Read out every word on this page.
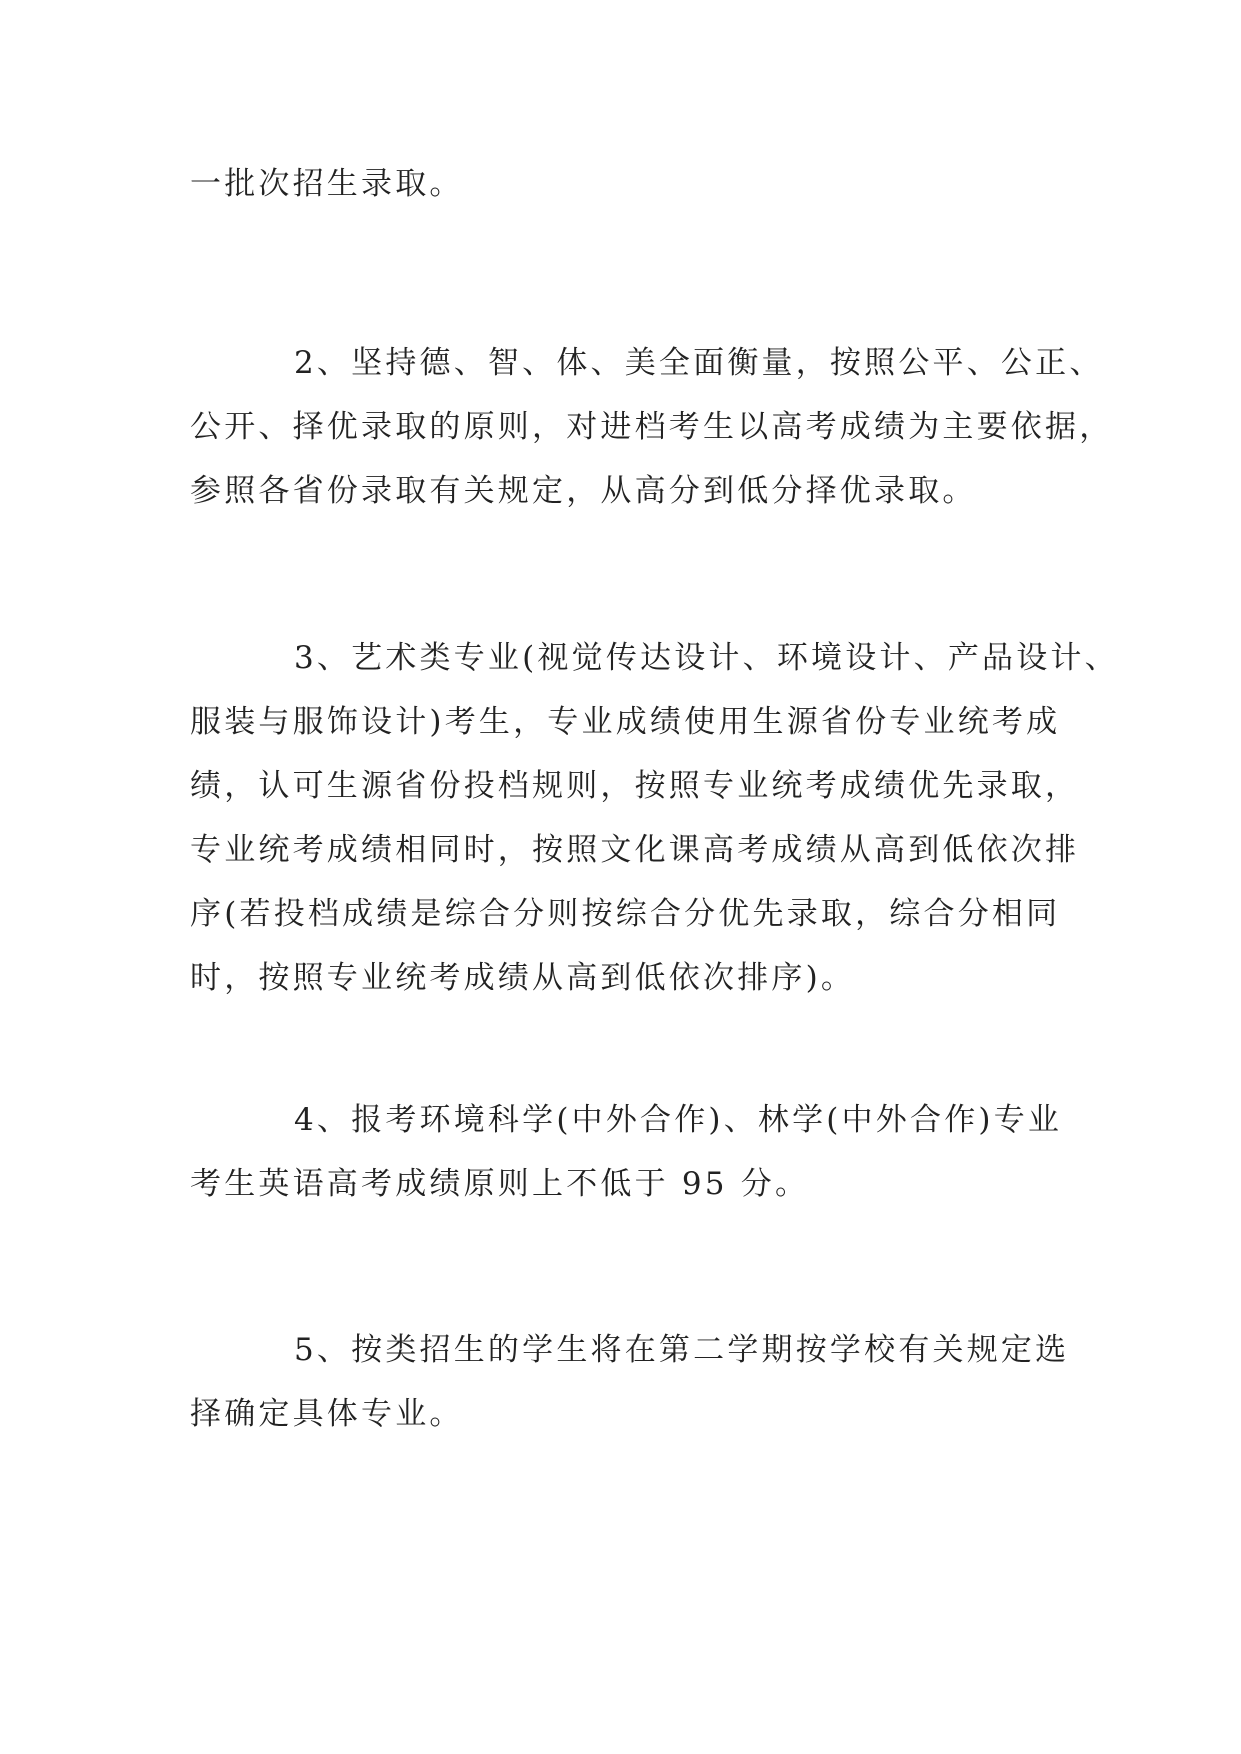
一批次招生录取。
2、坚持德、智、体、美全面衡量，按照公平、公正、
公开、择优录取的原则，对进档考生以高考成绩为主要依据，
参照各省份录取有关规定，从高分到低分择优录取。
3、艺术类专业(视觉传达设计、环境设计、产品设计、
服装与服饰设计)考生，专业成绩使用生源省份专业统考成
绩，认可生源省份投档规则，按照专业统考成绩优先录取，
专业统考成绩相同时，按照文化课高考成绩从高到低依次排
序(若投档成绩是综合分则按综合分优先录取，综合分相同
时，按照专业统考成绩从高到低依次排序)。
4、报考环境科学(中外合作)、林学(中外合作)专业
考生英语高考成绩原则上不低于 95 分。
5、按类招生的学生将在第二学期按学校有关规定选
择确定具体专业。
